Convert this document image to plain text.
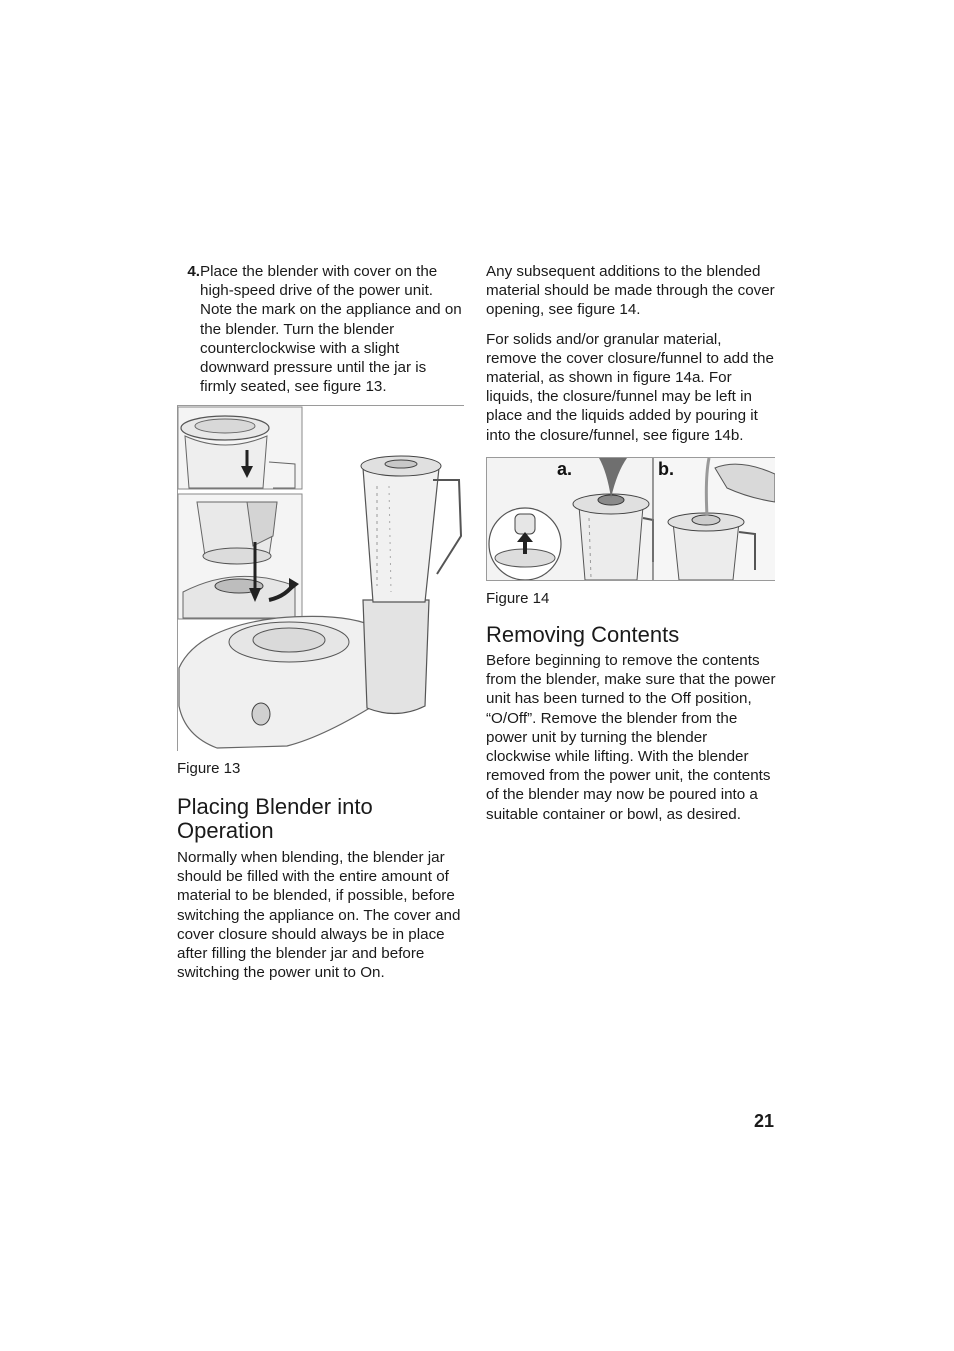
4. Place the blender with cover on the high-speed drive of the power unit. Note the mark on the appliance and on the blender. Turn the blender counterclockwise with a slight downward pressure until the jar is firmly seated, see figure 13.

Figure 13

Placing Blender into Operation

Normally when blending, the blender jar should be filled with the entire amount of material to be blended, if possible, before switching the appliance on. The cover and cover closure should always be in place after filling the blender jar and before switching the power unit to On.

Any subsequent additions to the blended material should be made through the cover opening, see figure 14.

For solids and/or granular material, remove the cover closure/funnel to add the material, as shown in figure 14a. For liquids, the closure/funnel may be left in place and the liquids added by pouring it into the closure/funnel, see figure 14b.

a.	b.

Figure 14

Removing Contents

Before beginning to remove the contents from the blender, make sure that the power unit has been turned to the Off position, “O/Off”. Remove the blender from the power unit by turning the blender clockwise while lifting. With the blender removed from the power unit, the contents of the blender may now be poured into a suitable container or bowl, as desired.

21
